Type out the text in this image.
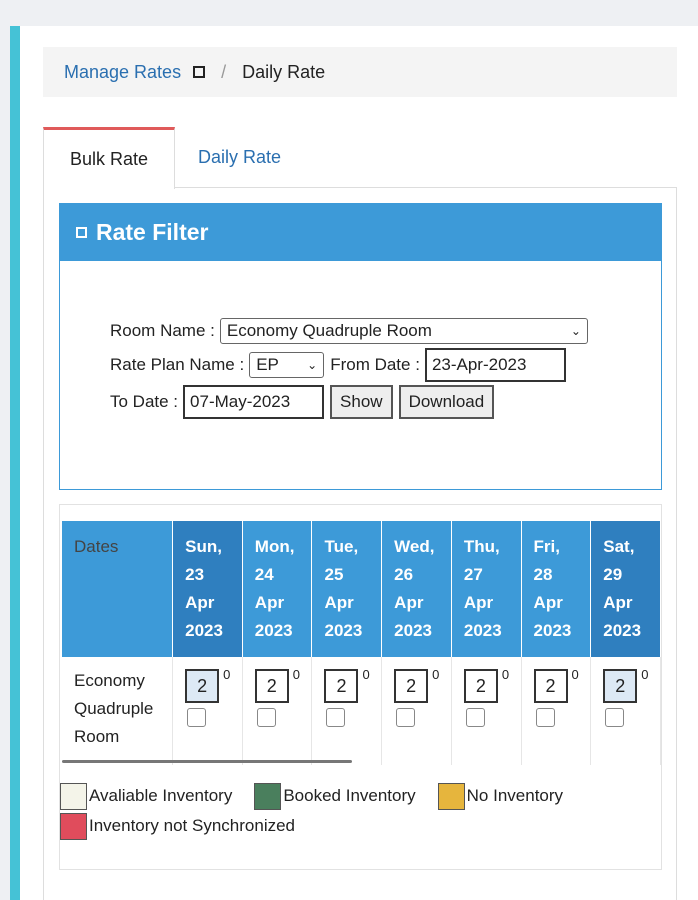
Manage Rates / Daily Rate
Bulk Rate	Daily Rate
Rate Filter
Room Name : Economy Quadruple Room	⌄
Rate Plan Name : EP ⌄ From Date : 23-Apr-2023
To Date : 07-May-2023	Show	Download
Dates	Sun,
23
Apr
2023	Mon,
24
Apr
2023	Tue,
25
Apr
2023	Wed,
26
Apr
2023	Thu,
27
Apr
2023	Fri,
28
Apr
2023	Sat,
29
Apr
2023
Economy
Quadruple
Room	2
0	2
0	2
0	2
0	2
0	2
0	2
0
Avaliable Inventory	Booked Inventory	No Inventory
Inventory not Synchronized
